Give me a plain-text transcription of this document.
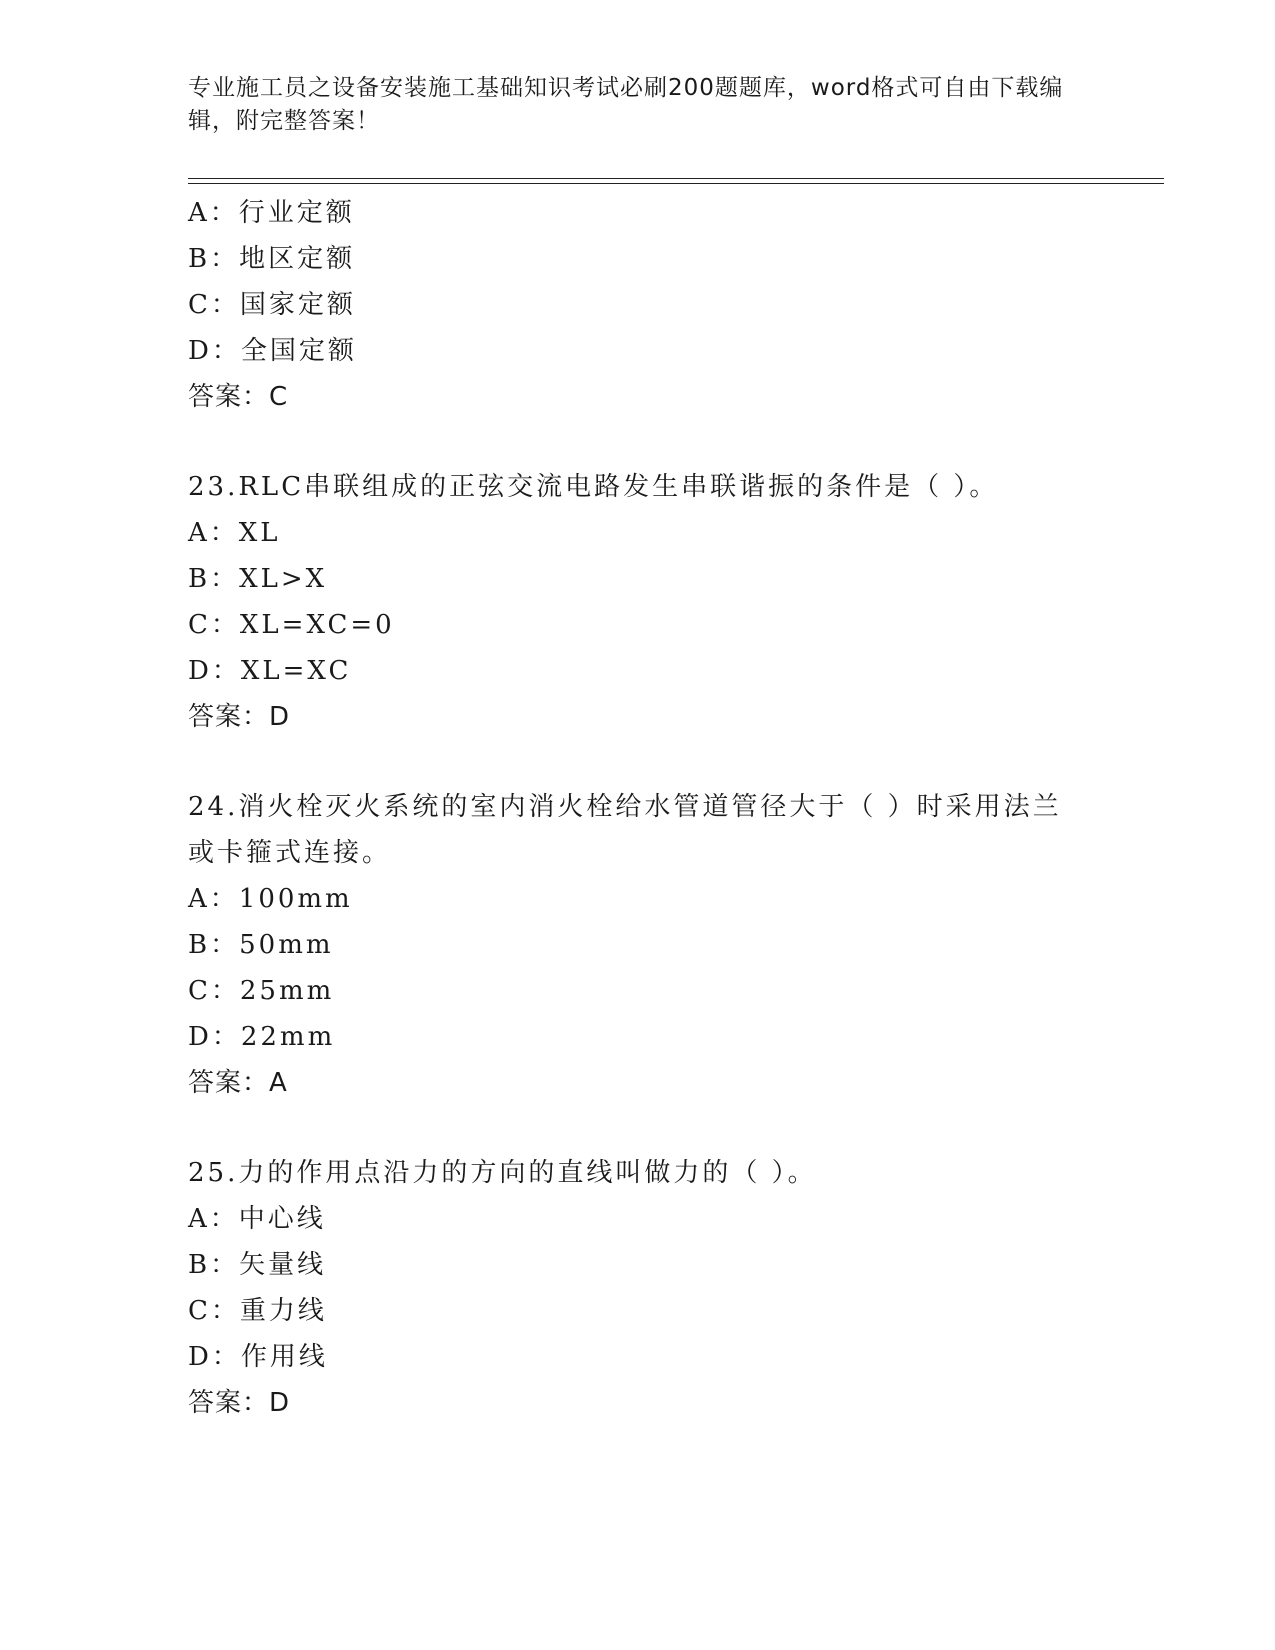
专业施工员之设备安装施工基础知识考试必刷200题题库，word格式可自由下载编辑，附完整答案！
A：行业定额
B：地区定额
C：国家定额
D：全国定额
答案：C
23.RLC串联组成的正弦交流电路发生串联谐振的条件是（ ）。
A：XL
B：XL>X
C：XL=XC=0
D：XL=XC
答案：D
24.消火栓灭火系统的室内消火栓给水管道管径大于（ ）时采用法兰或卡箍式连接。
A：100mm
B：50mm
C：25mm
D：22mm
答案：A
25.力的作用点沿力的方向的直线叫做力的（ ）。
A：中心线
B：矢量线
C：重力线
D：作用线
答案：D
